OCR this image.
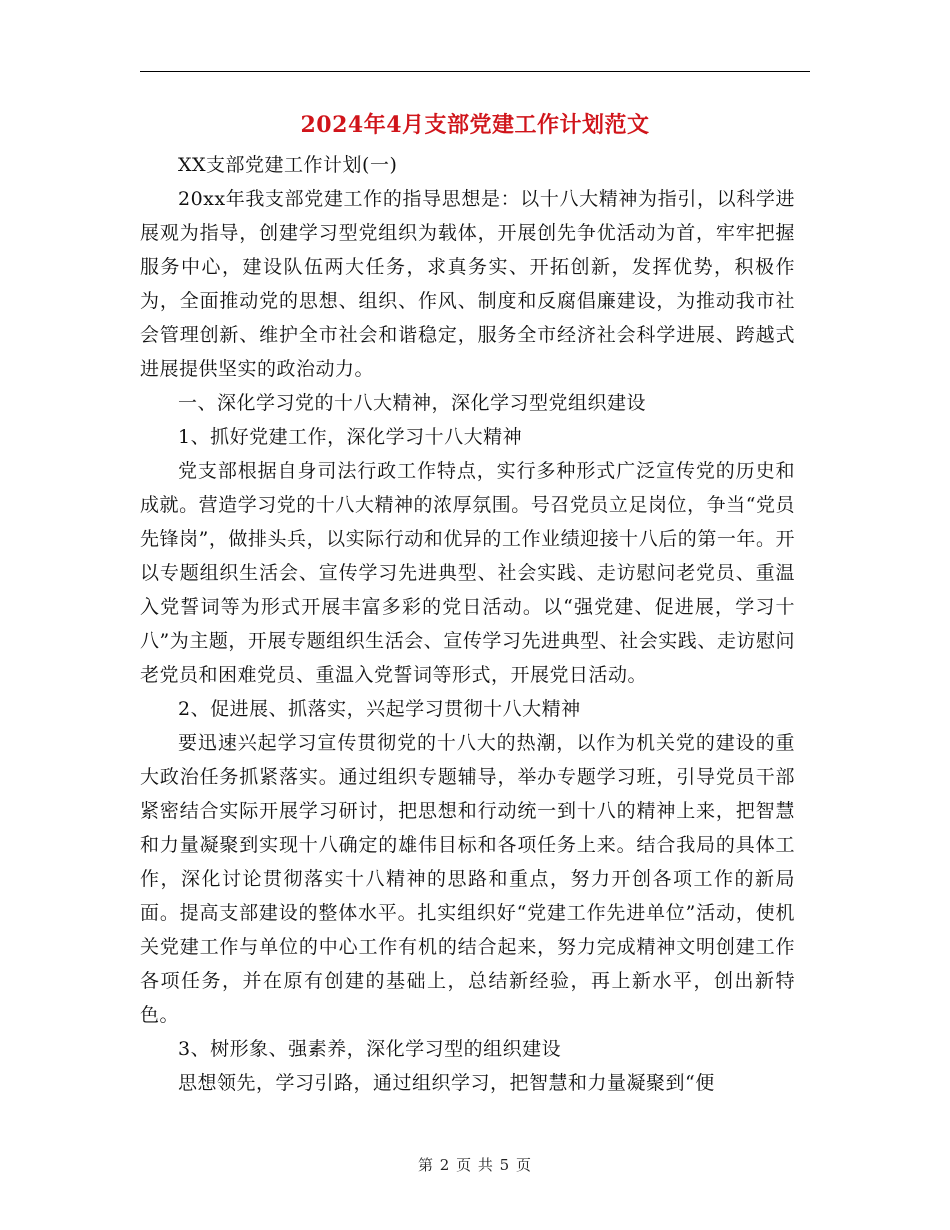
2024年4月支部党建工作计划范文

XX支部党建工作计划(一)

20xx年我支部党建工作的指导思想是：以十八大精神为指引，以科学进展观为指导，创建学习型党组织为载体，开展创先争优活动为首，牢牢把握服务中心，建设队伍两大任务，求真务实、开拓创新，发挥优势，积极作为，全面推动党的思想、组织、作风、制度和反腐倡廉建设，为推动我市社会管理创新、维护全市社会和谐稳定，服务全市经济社会科学进展、跨越式进展提供坚实的政治动力。

一、深化学习党的十八大精神，深化学习型党组织建设

1、抓好党建工作，深化学习十八大精神

党支部根据自身司法行政工作特点，实行多种形式广泛宣传党的历史和成就。营造学习党的十八大精神的浓厚氛围。号召党员立足岗位，争当“党员先锋岗”，做排头兵，以实际行动和优异的工作业绩迎接十八后的第一年。开以专题组织生活会、宣传学习先进典型、社会实践、走访慰问老党员、重温入党誓词等为形式开展丰富多彩的党日活动。以“强党建、促进展，学习十八”为主题，开展专题组织生活会、宣传学习先进典型、社会实践、走访慰问老党员和困难党员、重温入党誓词等形式，开展党日活动。

2、促进展、抓落实，兴起学习贯彻十八大精神

要迅速兴起学习宣传贯彻党的十八大的热潮，以作为机关党的建设的重大政治任务抓紧落实。通过组织专题辅导，举办专题学习班，引导党员干部紧密结合实际开展学习研讨，把思想和行动统一到十八的精神上来，把智慧和力量凝聚到实现十八确定的雄伟目标和各项任务上来。结合我局的具体工作，深化讨论贯彻落实十八精神的思路和重点，努力开创各项工作的新局面。提高支部建设的整体水平。扎实组织好“党建工作先进单位”活动，使机关党建工作与单位的中心工作有机的结合起来，努力完成精神文明创建工作各项任务，并在原有创建的基础上，总结新经验，再上新水平，创出新特色。

3、树形象、强素养，深化学习型的组织建设

思想领先，学习引路，通过组织学习，把智慧和力量凝聚到“便

第 2 页 共 5 页
